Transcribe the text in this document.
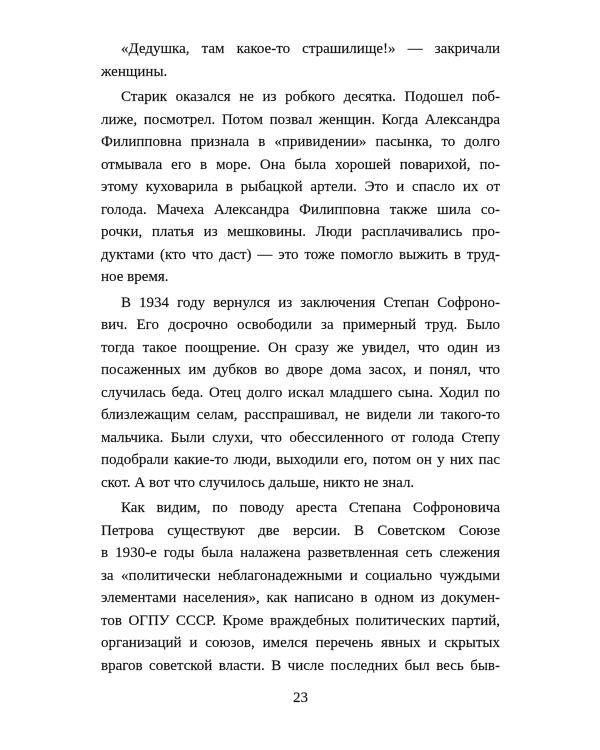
«Дедушка, там какое-то страшилище!» — закричали
женщины.
Старик оказался не из робкого десятка. Подошел поб-
лиже, посмотрел. Потом позвал женщин. Когда Александра
Филипповна признала в «привидении» пасынка, то долго
отмывала его в море. Она была хорошей поварихой, по-
этому куховарила в рыбацкой артели. Это и спасло их от
голода. Мачеха Александра Филипповна также шила со-
рочки, платья из мешковины. Люди расплачивались про-
дуктами (кто что даст) — это тоже помогло выжить в труд-
ное время.
В 1934 году вернулся из заключения Степан Софроно-
вич. Его досрочно освободили за примерный труд. Было
тогда такое поощрение. Он сразу же увидел, что один из
посаженных им дубков во дворе дома засох, и понял, что
случилась беда. Отец долго искал младшего сына. Ходил по
близлежащим селам, расспрашивал, не видели ли такого-то
мальчика. Были слухи, что обессиленного от голода Степу
подобрали какие-то люди, выходили его, потом он у них пас
скот. А вот что случилось дальше, никто не знал.
Как видим, по поводу ареста Степана Софроновича
Петрова существуют две версии. В Советском Союзе
в 1930-е годы была налажена разветвленная сеть слежения
за «политически неблагонадежными и социально чуждыми
элементами населения», как написано в одном из докумен-
тов ОГПУ СССР. Кроме враждебных политических партий,
организаций и союзов, имелся перечень явных и скрытых
врагов советской власти. В числе последних был весь быв-
23
